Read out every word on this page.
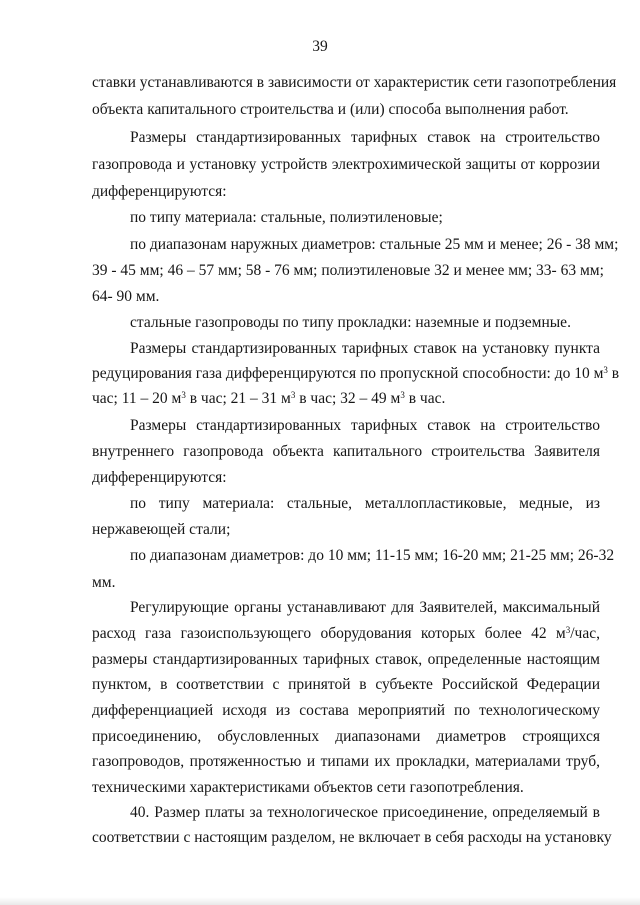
39
ставки устанавливаются в зависимости от характеристик сети газопотребления
объекта капитального строительства и (или) способа выполнения работ.
Размеры стандартизированных тарифных ставок на строительство
газопровода и установку устройств электрохимической защиты от коррозии
дифференцируются:
по типу материала: стальные, полиэтиленовые;
по диапазонам наружных диаметров: стальные 25 мм и менее; 26 - 38 мм;
39 - 45 мм; 46 – 57 мм; 58 - 76 мм; полиэтиленовые 32 и менее мм; 33- 63 мм;
64- 90 мм.
стальные газопроводы по типу прокладки: наземные и подземные.
Размеры стандартизированных тарифных ставок на установку пункта
редуцирования газа дифференцируются по пропускной способности: до 10 $м^3$ в
час; 11 – 20 $м^3$ в час; 21 – 31 $м^3$ в час; 32 – 49 $м^3$ в час.
Размеры стандартизированных тарифных ставок на строительство
внутреннего газопровода объекта капитального строительства Заявителя
дифференцируются:
по типу материала: стальные, металлопластиковые, медные, из
нержавеющей стали;
по диапазонам диаметров: до 10 мм; 11-15 мм; 16-20 мм; 21-25 мм; 26-32
мм.
Регулирующие органы устанавливают для Заявителей, максимальный
расход газа газоиспользующего оборудования которых более 42 $м^3$/час,
размеры стандартизированных тарифных ставок, определенные настоящим
пунктом, в соответствии с принятой в субъекте Российской Федерации
дифференциацией исходя из состава мероприятий по технологическому
присоединению, обусловленных диапазонами диаметров строящихся
газопроводов, протяженностью и типами их прокладки, материалами труб,
техническими характеристиками объектов сети газопотребления.
40. Размер платы за технологическое присоединение, определяемый в
соответствии с настоящим разделом, не включает в себя расходы на установку
